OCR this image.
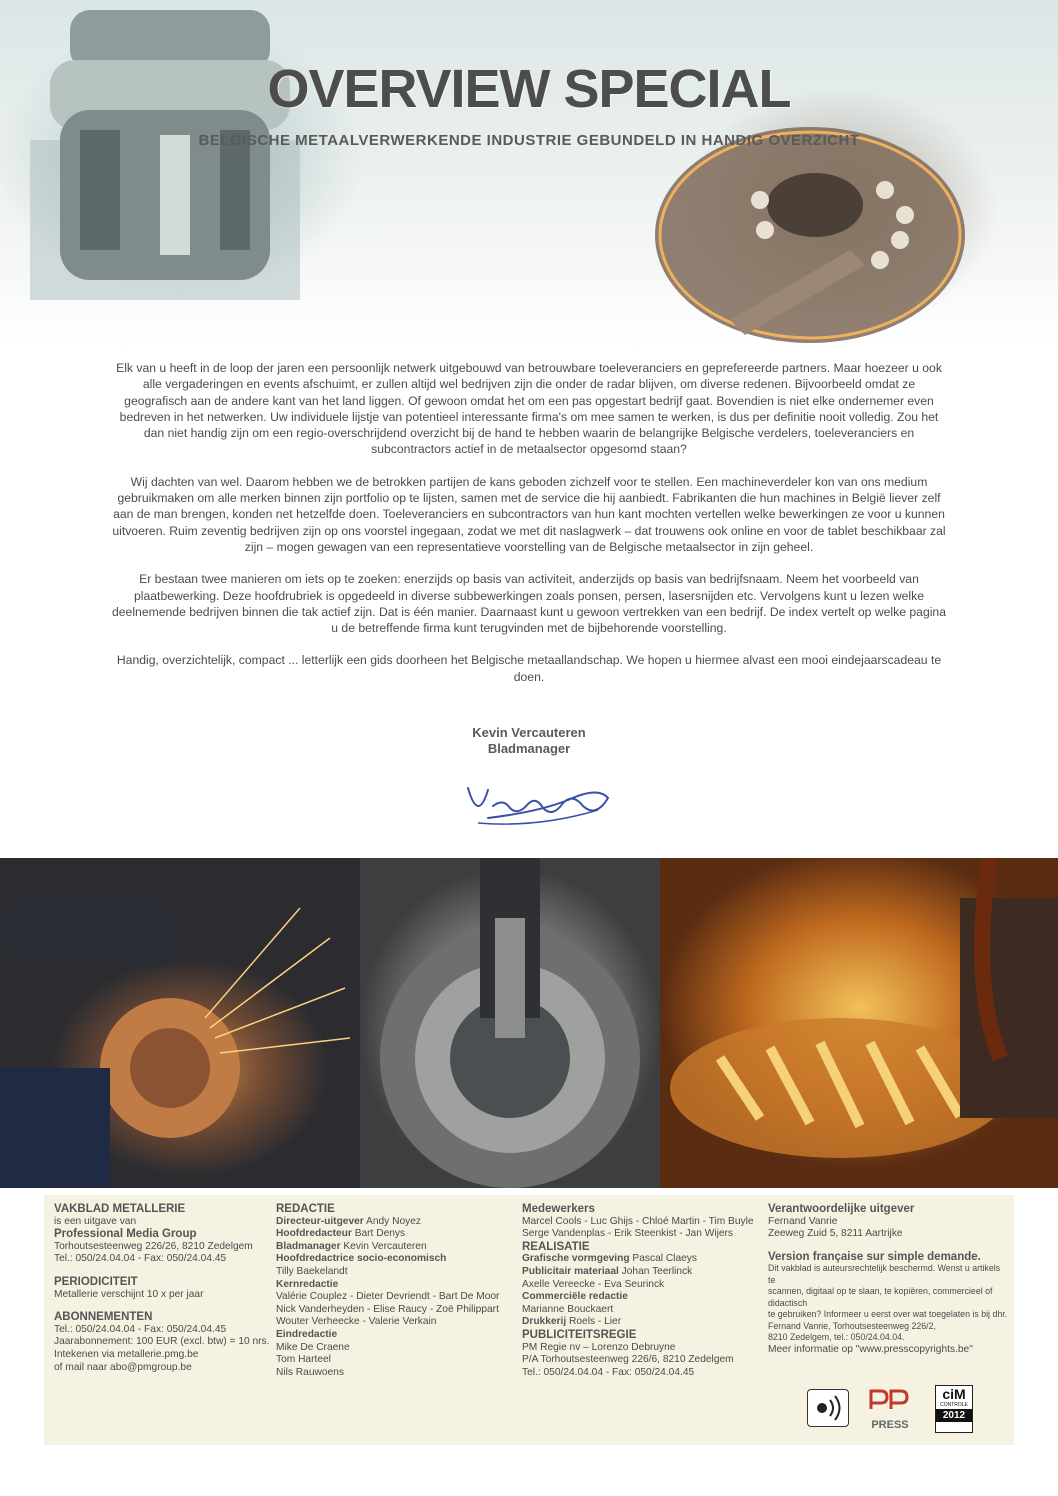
OVERVIEW SPECIAL
BELGISCHE METAALVERWERKENDE INDUSTRIE GEBUNDELD IN HANDIG OVERZICHT

Elk van u heeft in de loop der jaren een persoonlijk netwerk uitgebouwd van betrouwbare toeleveranciers en geprefereerde partners. Maar hoezeer u ook alle vergaderingen en events afschuimt, er zullen altijd wel bedrijven zijn die onder de radar blijven, om diverse redenen. Bijvoorbeeld omdat ze geografisch aan de andere kant van het land liggen. Of gewoon omdat het om een pas opgestart bedrijf gaat. Bovendien is niet elke ondernemer even bedreven in het netwerken. Uw individuele lijstje van potentieel interessante firma's om mee samen te werken, is dus per definitie nooit volledig. Zou het dan niet handig zijn om een regio-overschrijdend overzicht bij de hand te hebben waarin de belangrijke Belgische verdelers, toeleveranciers en subcontractors actief in de metaalsector opgesomd staan?

Wij dachten van wel. Daarom hebben we de betrokken partijen de kans geboden zichzelf voor te stellen. Een machineverdeler kon van ons medium gebruikmaken om alle merken binnen zijn portfolio op te lijsten, samen met de service die hij aanbiedt. Fabrikanten die hun machines in België liever zelf aan de man brengen, konden net hetzelfde doen. Toeleveranciers en subcontractors van hun kant mochten vertellen welke bewerkingen ze voor u kunnen uitvoeren. Ruim zeventig bedrijven zijn op ons voorstel ingegaan, zodat we met dit naslagwerk – dat trouwens ook online en voor de tablet beschikbaar zal zijn – mogen gewagen van een representatieve voorstelling van de Belgische metaalsector in zijn geheel.

Er bestaan twee manieren om iets op te zoeken: enerzijds op basis van activiteit, anderzijds op basis van bedrijfsnaam. Neem het voorbeeld van plaatbewerking. Deze hoofdrubriek is opgedeeld in diverse subbewerkingen zoals ponsen, persen, lasersnijden etc. Vervolgens kunt u lezen welke deelnemende bedrijven binnen die tak actief zijn. Dat is één manier. Daarnaast kunt u gewoon vertrekken van een bedrijf. De index vertelt op welke pagina u de betreffende firma kunt terugvinden met de bijbehorende voorstelling.

Handig, overzichtelijk, compact ... letterlijk een gids doorheen het Belgische metaallandschap. We hopen u hiermee alvast een mooi eindejaarscadeau te doen.

Kevin Vercauteren
Bladmanager
VAKBLAD METALLERIE
is een uitgave van
Professional Media Group
Torhoutsesteenweg 226/26, 8210 Zedelgem
Tel.: 050/24.04.04 - Fax: 050/24.04.45
PERIODICITEIT
Metallerie verschijnt 10 x per jaar
ABONNEMENTEN
Tel.: 050/24.04.04 - Fax: 050/24.04.45
Jaarabonnement: 100 EUR (excl. btw) = 10 nrs.
Intekenen via metallerie.pmg.be
of mail naar abo@pmgroup.be
REDACTIE
Directeur-uitgever Andy Noyez
Hoofdredacteur Bart Denys
Bladmanager Kevin Vercauteren
Hoofdredactrice socio-economisch
Tilly Baekelandt
Kernredactie
Valérie Couplez - Dieter Devriendt - Bart De Moor
Nick Vanderheyden - Elise Raucy - Zoë Philippart
Wouter Verheecke - Valerie Verkain
Eindredactie
Mike De Craene
Tom Harteel
Nils Rauwoens
Medewerkers
Marcel Cools - Luc Ghijs - Chloé Martin - Tim Buyle
Serge Vandenplas - Erik Steenkist - Jan Wijers
REALISATIE
Grafische vormgeving Pascal Claeys
Publicitair materiaal Johan Teerlinck
Axelle Vereecke - Eva Seurinck
Commerciële redactie
Marianne Bouckaert
Drukkerij Roels - Lier
PUBLICITEITSREGIE
PM Regie nv – Lorenzo Debruyne
P/A Torhoutsesteenweg 226/6, 8210 Zedelgem
Tel.: 050/24.04.04 - Fax: 050/24.04.45
Verantwoordelijke uitgever
Fernand Vanrie
Zeeweg Zuid 5, 8211 Aartrijke
Version française sur simple demande.
Dit vakblad is auteursrechtelijk beschermd. Wenst u artikels te
scannen, digitaal op te slaan, te kopiëren, commercieel of didactisch
te gebruiken? Informeer u eerst over wat toegelaten is bij dhr.
Fernand Vanrie, Torhoutsesteenweg 226/2,
8210 Zedelgem, tel.: 050/24.04.04.
Meer informatie op "www.presscopyrights.be"
PRESS
ciM
CONTROLE
2012
